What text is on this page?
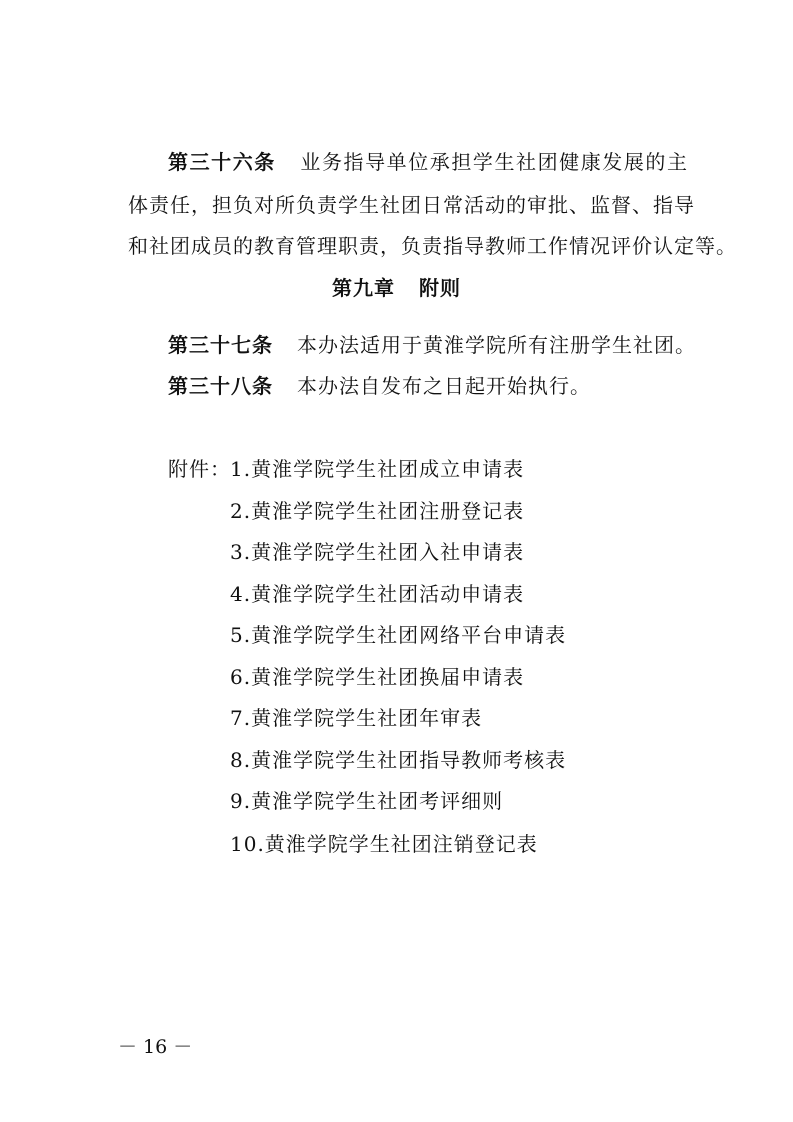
第三十六条 业务指导单位承担学生社团健康发展的主
体责任，担负对所负责学生社团日常活动的审批、监督、指导
和社团成员的教育管理职责，负责指导教师工作情况评价认定等。
第九章 附则
第三十七条 本办法适用于黄淮学院所有注册学生社团。
第三十八条 本办法自发布之日起开始执行。
附件： 1.黄淮学院学生社团成立申请表
2.黄淮学院学生社团注册登记表
3.黄淮学院学生社团入社申请表
4.黄淮学院学生社团活动申请表
5.黄淮学院学生社团网络平台申请表
6.黄淮学院学生社团换届申请表
7.黄淮学院学生社团年审表
8.黄淮学院学生社团指导教师考核表
9.黄淮学院学生社团考评细则
10.黄淮学院学生社团注销登记表
－ 16 －
